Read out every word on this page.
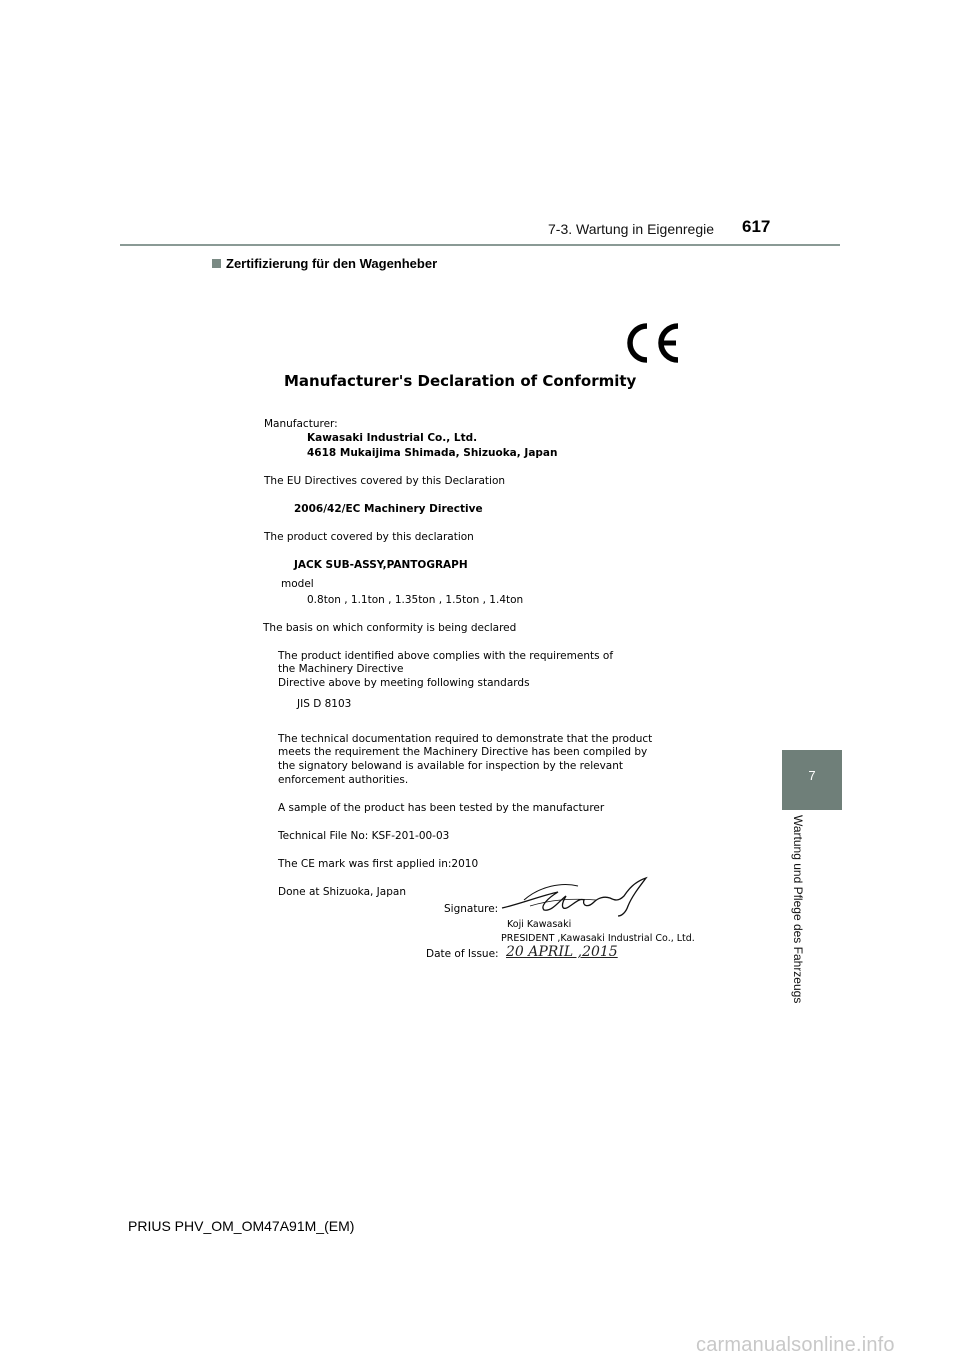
7-3. Wartung in Eigenregie 617
Zertifizierung für den Wagenheber
7
Wartung und Pflege des Fahrzeugs
Manufacturer's Declaration of Conformity
Manufacturer:
Kawasaki Industrial Co., Ltd.
4618 Mukaijima Shimada, Shizuoka, Japan
The EU Directives covered by this Declaration
2006/42/EC Machinery Directive
The product covered by this declaration
JACK SUB-ASSY,PANTOGRAPH
model
0.8ton , 1.1ton , 1.35ton , 1.5ton , 1.4ton
The basis on which conformity is being declared
The product identified above complies with the requirements of
the Machinery Directive
Directive above by meeting following standards
JIS D 8103
The technical documentation required to demonstrate that the product
meets the requirement the Machinery Directive has been compiled by
the signatory belowand is available for inspection by the relevant
enforcement authorities.
A sample of the product has been tested by the manufacturer
Technical File No: KSF-201-00-03
The CE mark was first applied in:2010
Done at Shizuoka, Japan
Signature:
Koji Kawasaki
PRESIDENT ,Kawasaki Industrial Co., Ltd.
Date of Issue: 20 APRIL ,2015
PRIUS PHV_OM_OM47A91M_(EM)
carmanualsonline.info
